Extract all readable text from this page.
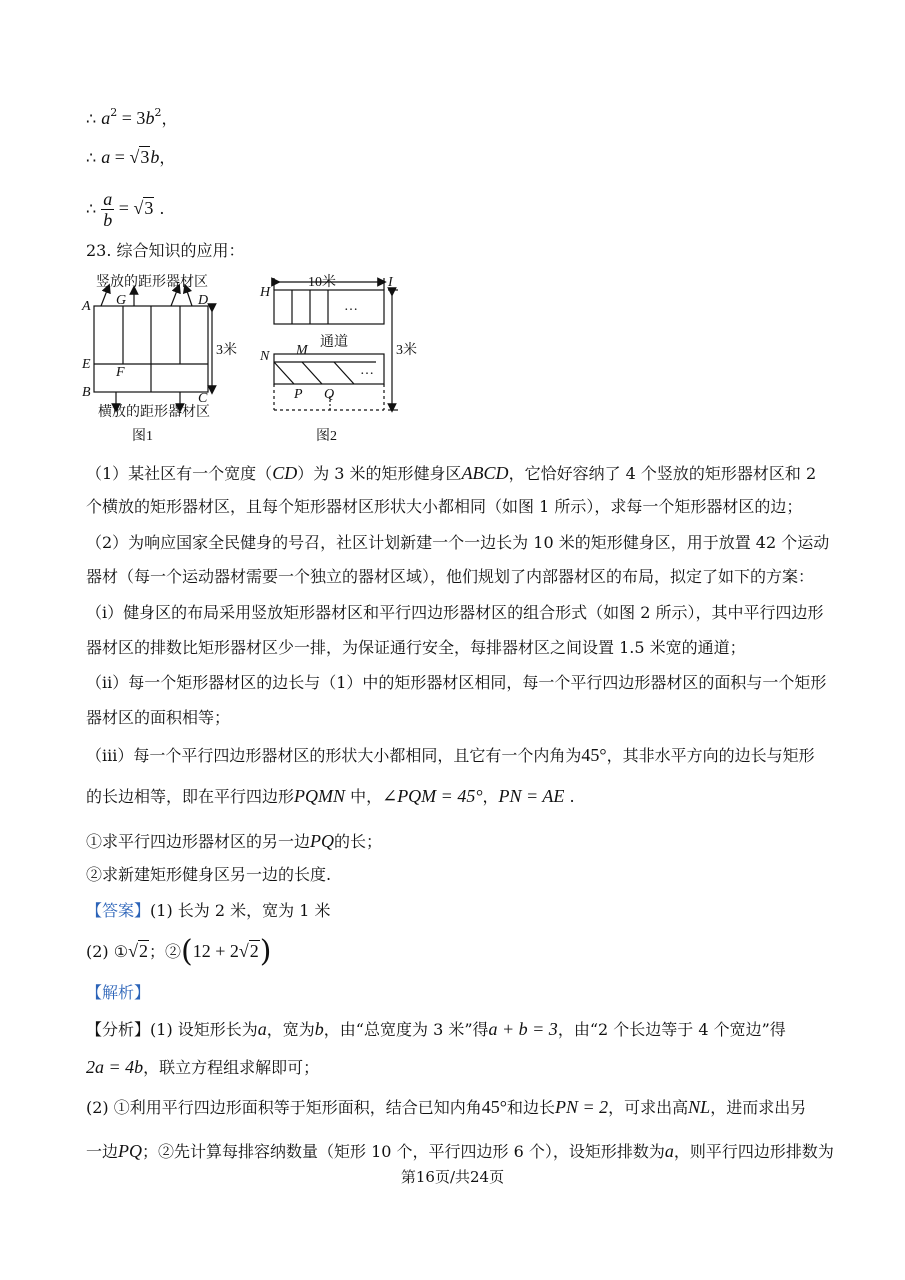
∴ $a^2 = 3b^2$，
∴ a = √3b，
∴ $\frac{a}{b} = √3$ .
23. 综合知识的应用：
竖放的距形器材区
A G	D
E
F
B	C
3米
横放的距形器材区
图1
10米
H
I
…
通道
N M
…
P Q
3米
图2
（1）某社区有一个宽度（CD）为 3 米的矩形健身区ABCD，它恰好容纳了 4 个竖放的矩形器材区和 2
个横放的矩形器材区，且每个矩形器材区形状大小都相同（如图 1 所示），求每一个矩形器材区的边；
（2）为响应国家全民健身的号召，社区计划新建一个一边长为 10 米的矩形健身区，用于放置 42 个运动
器材（每一个运动器材需要一个独立的器材区域），他们规划了内部器材区的布局，拟定了如下的方案：
（i）健身区的布局采用竖放矩形器材区和平行四边形器材区的组合形式（如图 2 所示），其中平行四边形
器材区的排数比矩形器材区少一排，为保证通行安全，每排器材区之间设置 1.5 米宽的通道；
（ii）每一个矩形器材区的边长与（1）中的矩形器材区相同，每一个平行四边形器材区的面积与一个矩形
器材区的面积相等；
（iii）每一个平行四边形器材区的形状大小都相同，且它有一个内角为45°，其非水平方向的边长与矩形
的长边相等，即在平行四边形PQMN 中，∠PQM = 45°，PN = AE .
①求平行四边形器材区的另一边PQ的长；
②求新建矩形健身区另一边的长度.
【答案】(1) 长为 2 米，宽为 1 米
(2) ①√2；②(12 + 2√2)
【解析】
【分析】(1) 设矩形长为a，宽为b，由“总宽度为 3 米”得a + b = 3，由“2 个长边等于 4 个宽边”得
2a = 4b，联立方程组求解即可；
(2) ①利用平行四边形面积等于矩形面积，结合已知内角45°和边长PN = 2，可求出高NL，进而求出另
一边PQ；②先计算每排容纳数量（矩形 10 个，平行四边形 6 个），设矩形排数为a，则平行四边形排数为
第16页/共24页
